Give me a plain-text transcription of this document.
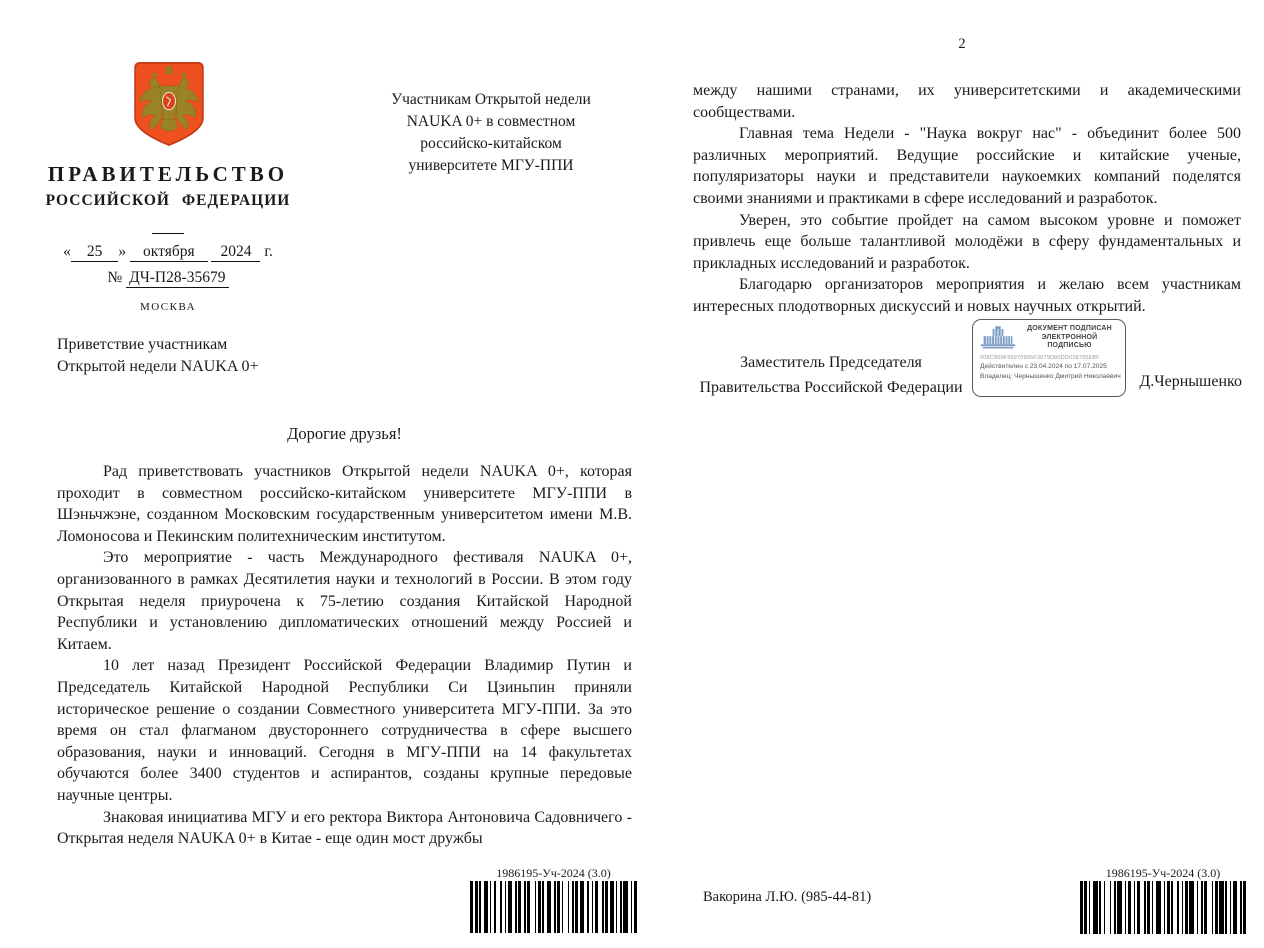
ПРАВИТЕЛЬСТВО
РОССИЙСКОЙ ФЕДЕРАЦИИ
« 25 » октября 2024 г.
№ ДЧ-П28-35679
МОСКВА
Участникам Открытой недели
NAUKA 0+ в совместном
российско-китайском
университете МГУ-ППИ
Приветствие участникам
Открытой недели NAUKA 0+
Дорогие друзья!

Рад приветствовать участников Открытой недели NAUKA 0+, которая проходит в совместном российско-китайском университете МГУ-ППИ в Шэньчжэне, созданном Московским государственным университетом имени М.В. Ломоносова и Пекинским политехническим институтом.

Это мероприятие - часть Международного фестиваля NAUKA 0+, организованного в рамках Десятилетия науки и технологий в России. В этом году Открытая неделя приурочена к 75-летию создания Китайской Народной Республики и установлению дипломатических отношений между Россией и Китаем.

10 лет назад Президент Российской Федерации Владимир Путин и Председатель Китайской Народной Республики Си Цзиньпин приняли историческое решение о создании Совместного университета МГУ-ППИ. За это время он стал флагманом двустороннего сотрудничества в сфере высшего образования, науки и инноваций. Сегодня в МГУ-ППИ на 14 факультетах обучаются более 3400 студентов и аспирантов, созданы крупные передовые научные центры.

Знаковая инициатива МГУ и его ректора Виктора Антоновича Садовничего - Открытая неделя NAUKA 0+ в Китае - еще один мост дружбы

2

между нашими странами, их университетскими и академическими сообществами.

Главная тема Недели - "Наука вокруг нас" - объединит более 500 различных мероприятий. Ведущие российские и китайские ученые, популяризаторы науки и представители наукоемких компаний поделятся своими знаниями и практиками в сфере исследований и разработок.

Уверен, это событие пройдет на самом высоком уровне и поможет привлечь еще больше талантливой молодёжи в сферу фундаментальных и прикладных исследований и разработок.

Благодарю организаторов мероприятия и желаю всем участникам интересных плодотворных дискуссий и новых научных открытий.

Заместитель Председателя
Правительства Российской Федерации
ДОКУМЕНТ ПОДПИСАН
ЭЛЕКТРОННОЙ ПОДПИСЬЮ
008C800F36970905F3079D80DD028705EBF
Действителен с 23.04.2024 по 17.07.2025
Владелец: Чернышенко Дмитрий Николаевич	Д.Чернышенко
1986195-Уч-2024 (3.0)
Вакорина Л.Ю. (985-44-81)
1986195-Уч-2024 (3.0)
